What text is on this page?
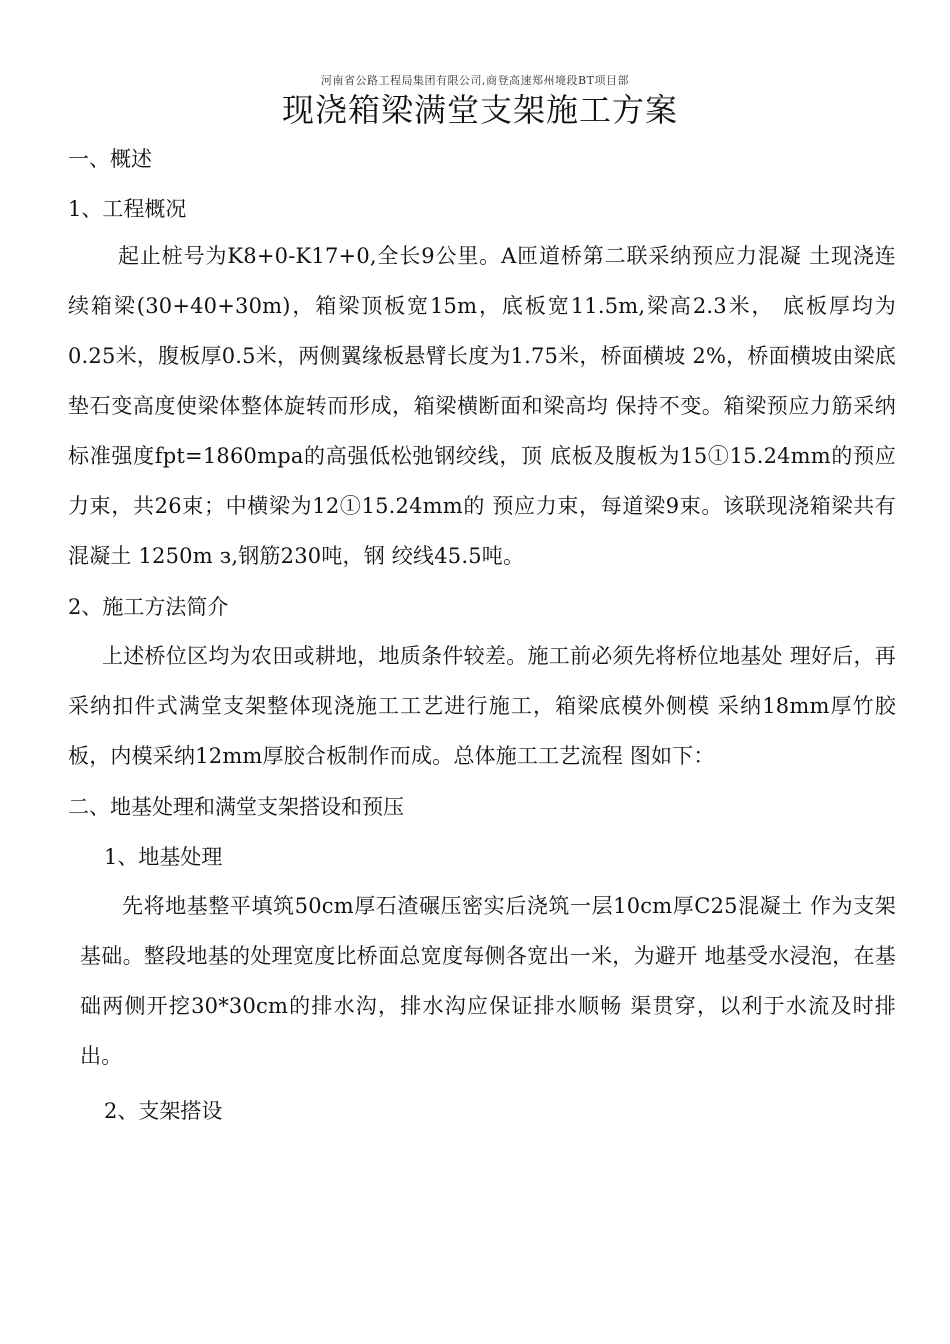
河南省公路工程局集团有限公司,商登高速郑州境段BT项目部
现浇箱梁满堂支架施工方案
一、概述
1、工程概况
起止桩号为K8+0-K17+0,全长9公里。A匝道桥第二联采纳预应力混凝 土现浇连续箱梁(30+40+30m)，箱梁顶板宽15m，底板宽11.5m,梁高2.3米， 底板厚均为0.25米，腹板厚0.5米，两侧翼缘板悬臂长度为1.75米，桥面横坡 2%，桥面横坡由梁底垫石变高度使梁体整体旋转而形成，箱梁横断面和梁高均 保持不变。箱梁预应力筋采纳标准强度fpt=1860mpa的高强低松弛钢绞线，顶 底板及腹板为15①15.24mm的预应力束，共26束；中横梁为12①15.24mm的 预应力束，每道梁9束。该联现浇箱梁共有混凝土 1250m з,钢筋230吨，钢 绞线45.5吨。
2、施工方法简介
上述桥位区均为农田或耕地，地质条件较差。施工前必须先将桥位地基处 理好后，再采纳扣件式满堂支架整体现浇施工工艺进行施工，箱梁底模外侧模 采纳18mm厚竹胶板，内模采纳12mm厚胶合板制作而成。总体施工工艺流程 图如下：
二、地基处理和满堂支架搭设和预压
1、地基处理
先将地基整平填筑50cm厚石渣碾压密实后浇筑一层10cm厚C25混凝土 作为支架基础。整段地基的处理宽度比桥面总宽度每侧各宽出一米，为避开 地基受水浸泡，在基础两侧开挖30*30cm的排水沟，排水沟应保证排水顺畅 渠贯穿，以利于水流及时排出。
2、支架搭设
